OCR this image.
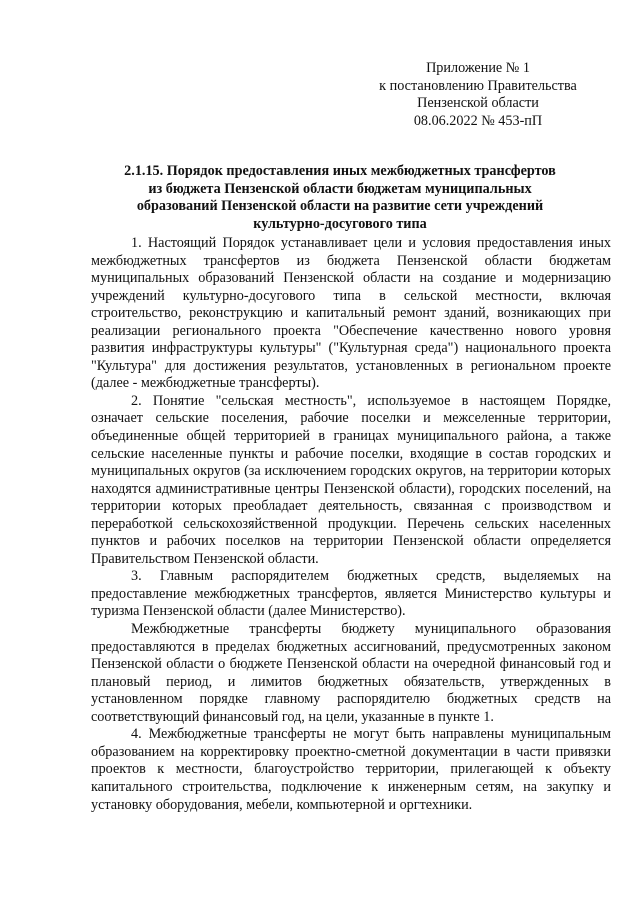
Приложение № 1
к постановлению Правительства
Пензенской области
08.06.2022 № 453-пП
2.1.15. Порядок предоставления иных межбюджетных трансфертов
из бюджета Пензенской области бюджетам муниципальных
образований Пензенской области на развитие сети учреждений
культурно-досугового типа

1. Настоящий Порядок устанавливает цели и условия предоставления иных межбюджетных трансфертов из бюджета Пензенской области бюджетам муниципальных образований Пензенской области на создание и модернизацию учреждений культурно-досугового типа в сельской местности, включая строительство, реконструкцию и капитальный ремонт зданий, возникающих при реализации регионального проекта "Обеспечение качественно нового уровня развития инфраструктуры культуры" ("Культурная среда") национального проекта "Культура" для достижения результатов, установленных в региональном проекте (далее - межбюджетные трансферты).

2. Понятие "сельская местность", используемое в настоящем Порядке, означает сельские поселения, рабочие поселки и межселенные территории, объединенные общей территорией в границах муниципального района, а также сельские населенные пункты и рабочие поселки, входящие в состав городских и муниципальных округов (за исключением городских округов, на территории которых находятся административные центры Пензенской области), городских поселений, на территории которых преобладает деятельность, связанная с производством и переработкой сельскохозяйственной продукции. Перечень сельских населенных пунктов и рабочих поселков на территории Пензенской области определяется Правительством Пензенской области.

3. Главным распорядителем бюджетных средств, выделяемых на предоставление межбюджетных трансфертов, является Министерство культуры и туризма Пензенской области (далее Министерство).

Межбюджетные трансферты бюджету муниципального образования предоставляются в пределах бюджетных ассигнований, предусмотренных законом Пензенской области о бюджете Пензенской области на очередной финансовый год и плановый период, и лимитов бюджетных обязательств, утвержденных в установленном порядке главному распорядителю бюджетных средств на соответствующий финансовый год, на цели, указанные в пункте 1.

4. Межбюджетные трансферты не могут быть направлены муниципальным образованием на корректировку проектно-сметной документации в части привязки проектов к местности, благоустройство территории, прилегающей к объекту капитального строительства, подключение к инженерным сетям, на закупку и установку оборудования, мебели, компьютерной и оргтехники.
